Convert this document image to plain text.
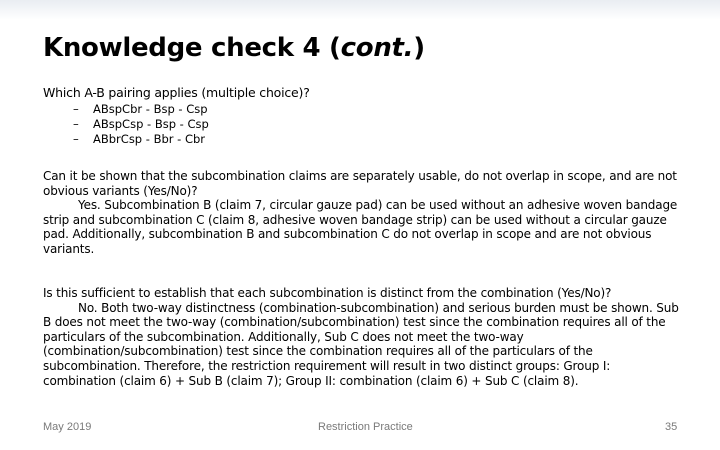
Knowledge check 4 (cont.)
Which A-B pairing applies (multiple choice)?
–	ABspCbr - Bsp - Csp
–	ABspCsp - Bsp - Csp
–	ABbrCsp - Bbr - Cbr
Can it be shown that the subcombination claims are separately usable, do not overlap in scope, and are not obvious variants (Yes/No)?
Yes. Subcombination B (claim 7, circular gauze pad) can be used without an adhesive woven bandage strip and subcombination C (claim 8, adhesive woven bandage strip) can be used without a circular gauze pad. Additionally, subcombination B and subcombination C do not overlap in scope and are not obvious variants.
Is this sufficient to establish that each subcombination is distinct from the combination (Yes/No)?
No. Both two-way distinctness (combination-subcombination) and serious burden must be shown. Sub B does not meet the two-way (combination/subcombination) test since the combination requires all of the particulars of the subcombination. Additionally, Sub C does not meet the two-way (combination/subcombination) test since the combination requires all of the particulars of the subcombination. Therefore, the restriction requirement will result in two distinct groups: Group I: combination (claim 6) + Sub B (claim 7); Group II: combination (claim 6) + Sub C (claim 8).
May 2019	Restriction Practice	35
